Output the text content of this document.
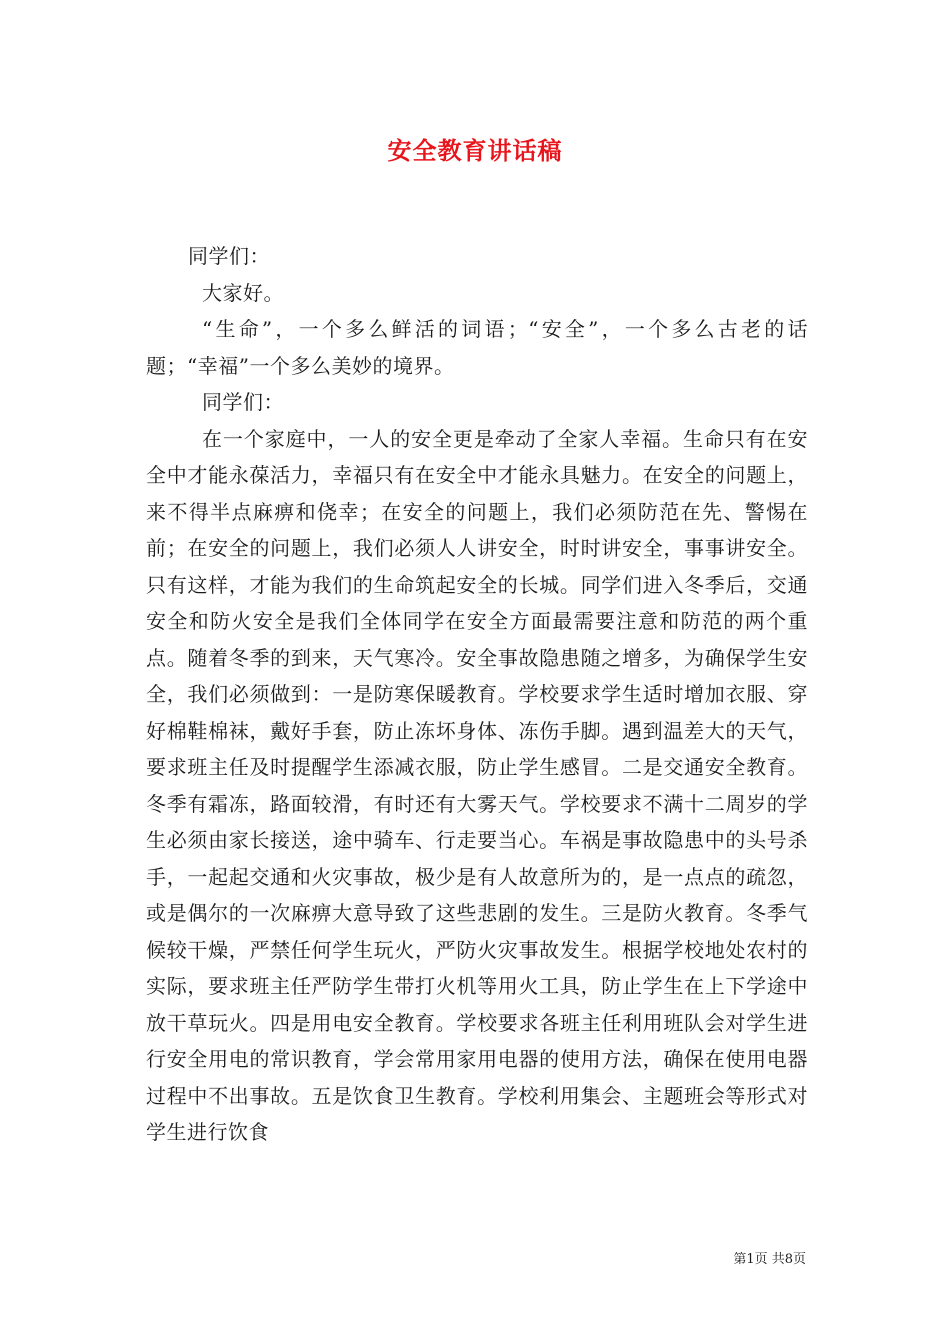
安全教育讲话稿

同学们：

大家好。

“生命”，一个多么鲜活的词语；“安全”，一个多么古老的话题；“幸福”一个多么美妙的境界。

同学们：

在一个家庭中，一人的安全更是牵动了全家人幸福。生命只有在安全中才能永葆活力，幸福只有在安全中才能永具魅力。在安全的问题上，来不得半点麻痹和侥幸；在安全的问题上，我们必须防范在先、警惕在前；在安全的问题上，我们必须人人讲安全，时时讲安全，事事讲安全。只有这样，才能为我们的生命筑起安全的长城。同学们进入冬季后，交通安全和防火安全是我们全体同学在安全方面最需要注意和防范的两个重点。随着冬季的到来，天气寒冷。安全事故隐患随之增多，为确保学生安全，我们必须做到：一是防寒保暖教育。学校要求学生适时增加衣服、穿好棉鞋棉袜，戴好手套，防止冻坏身体、冻伤手脚。遇到温差大的天气，要求班主任及时提醒学生添减衣服，防止学生感冒。二是交通安全教育。冬季有霜冻，路面较滑，有时还有大雾天气。学校要求不满十二周岁的学生必须由家长接送，途中骑车、行走要当心。车祸是事故隐患中的头号杀手，一起起交通和火灾事故，极少是有人故意所为的，是一点点的疏忽，或是偶尔的一次麻痹大意导致了这些悲剧的发生。三是防火教育。冬季气候较干燥，严禁任何学生玩火，严防火灾事故发生。根据学校地处农村的实际，要求班主任严防学生带打火机等用火工具，防止学生在上下学途中放干草玩火。四是用电安全教育。学校要求各班主任利用班队会对学生进行安全用电的常识教育，学会常用家用电器的使用方法，确保在使用电器过程中不出事故。五是饮食卫生教育。学校利用集会、主题班会等形式对学生进行饮食

第1页 共8页
